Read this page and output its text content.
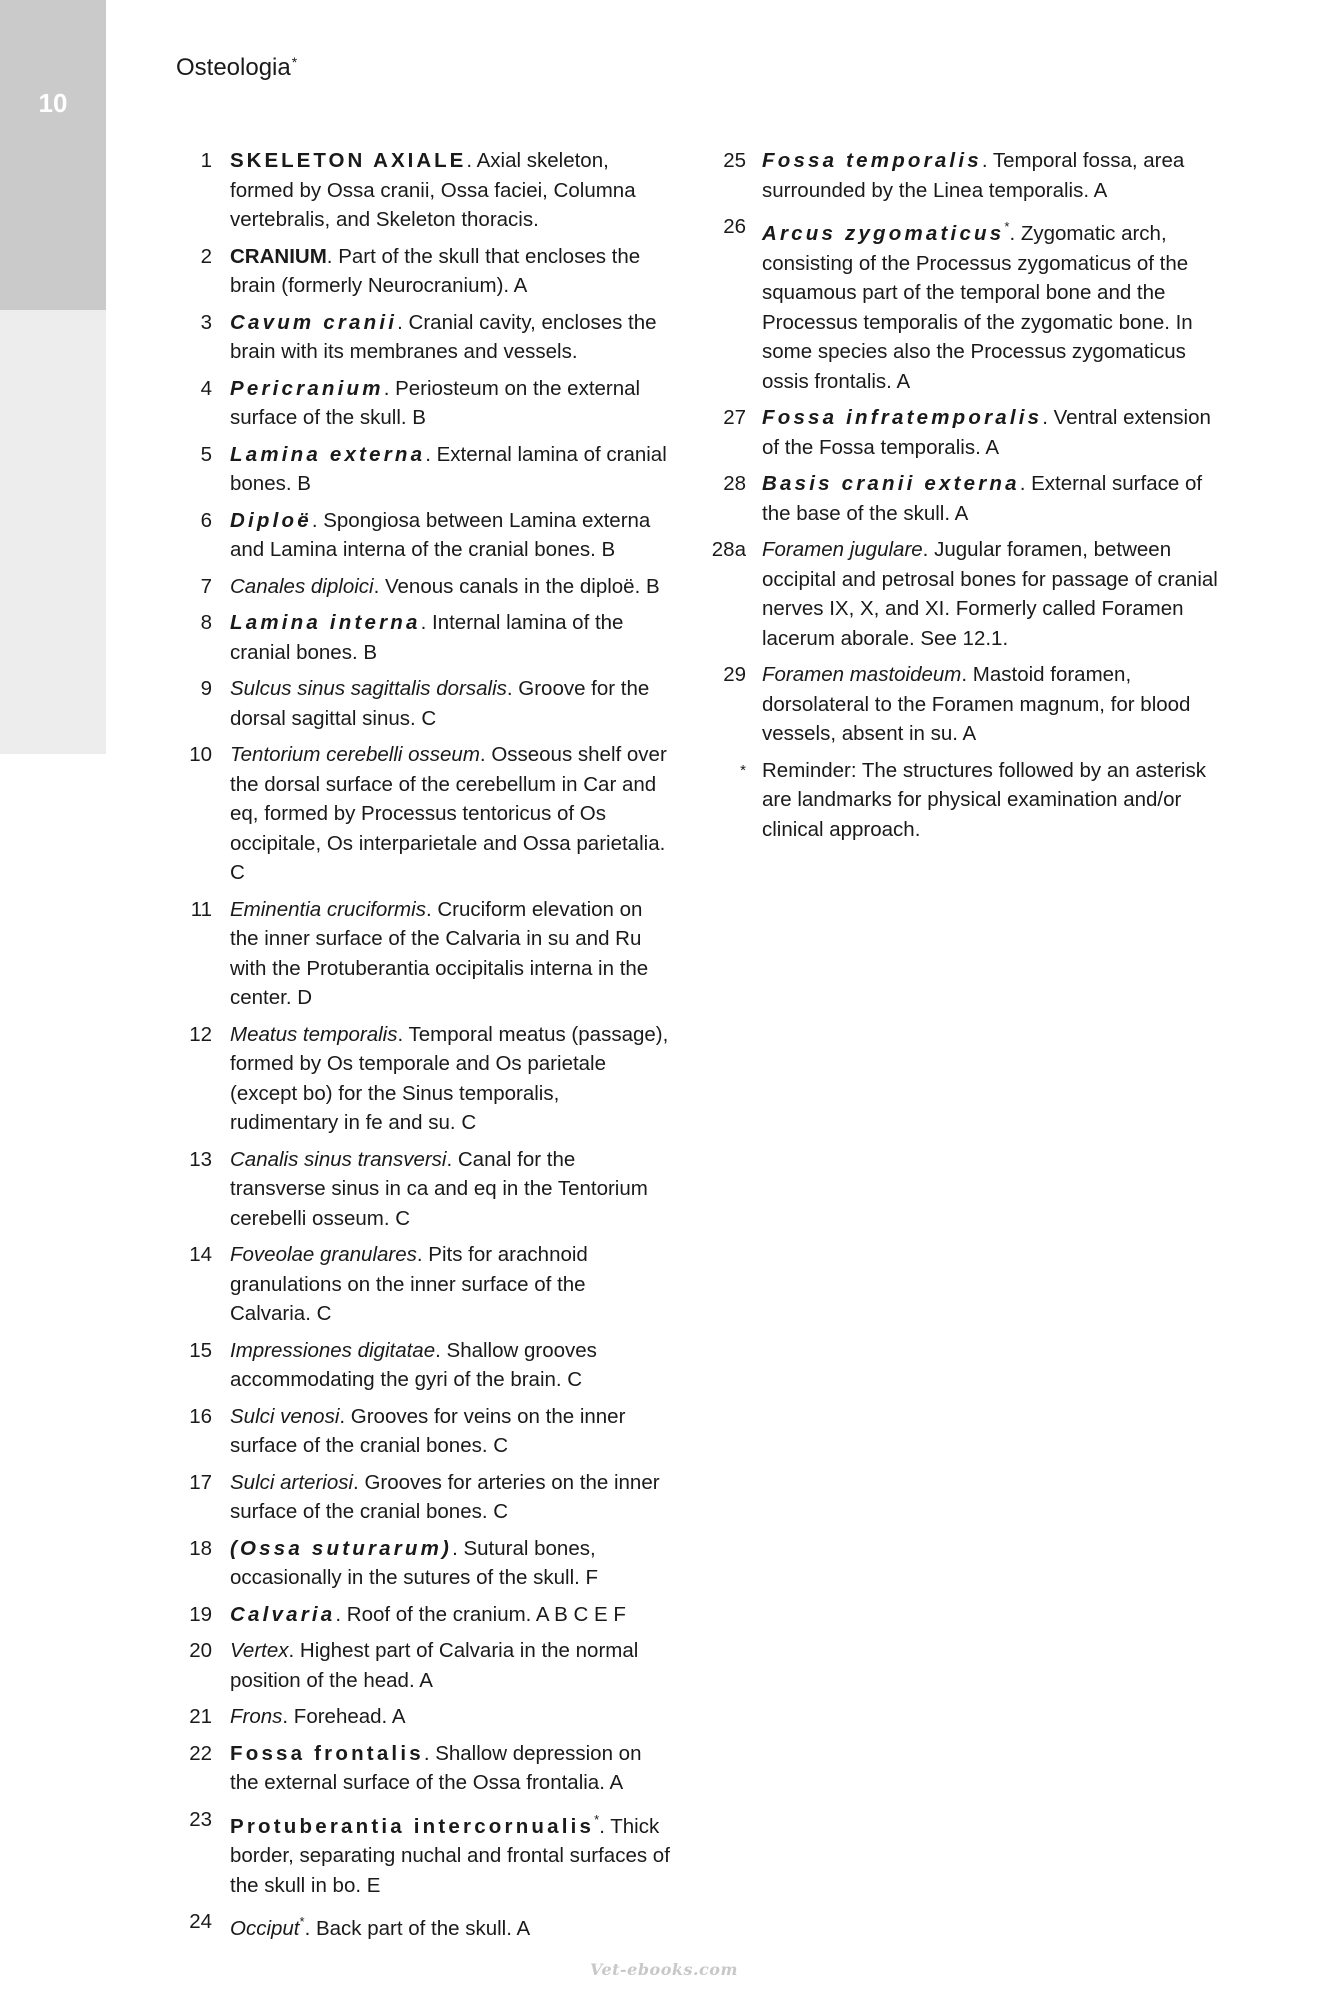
10
Osteologia*
1 SKELETON AXIALE. Axial skeleton, formed by Ossa cranii, Ossa faciei, Columna vertebralis, and Skeleton thoracis.
2 CRANIUM. Part of the skull that encloses the brain (formerly Neurocranium). A
3 Cavum cranii. Cranial cavity, encloses the brain with its membranes and vessels.
4 Pericranium. Periosteum on the external surface of the skull. B
5 Lamina externa. External lamina of cranial bones. B
6 Diploë. Spongiosa between Lamina externa and Lamina interna of the cranial bones. B
7 Canales diploici. Venous canals in the diploë. B
8 Lamina interna. Internal lamina of the cranial bones. B
9 Sulcus sinus sagittalis dorsalis. Groove for the dorsal sagittal sinus. C
10 Tentorium cerebelli osseum. Osseous shelf over the dorsal surface of the cerebellum in Car and eq, formed by Processus tentoricus of Os occipitale, Os interparietale and Ossa parietalia. C
11 Eminentia cruciformis. Cruciform elevation on the inner surface of the Calvaria in su and Ru with the Protuberantia occipitalis interna in the center. D
12 Meatus temporalis. Temporal meatus (passage), formed by Os temporale and Os parietale (except bo) for the Sinus temporalis, rudimentary in fe and su. C
13 Canalis sinus transversi. Canal for the transverse sinus in ca and eq in the Tentorium cerebelli osseum. C
14 Foveolae granulares. Pits for arachnoid granulations on the inner surface of the Calvaria. C
15 Impressiones digitatae. Shallow grooves accommodating the gyri of the brain. C
16 Sulci venosi. Grooves for veins on the inner surface of the cranial bones. C
17 Sulci arteriosi. Grooves for arteries on the inner surface of the cranial bones. C
18 (Ossa suturarum). Sutural bones, occasionally in the sutures of the skull. F
19 Calvaria. Roof of the cranium. A B C E F
20 Vertex. Highest part of Calvaria in the normal position of the head. A
21 Frons. Forehead. A
22 Fossa frontalis. Shallow depression on the external surface of the Ossa frontalia. A
23 Protuberantia intercornualis*. Thick border, separating nuchal and frontal surfaces of the skull in bo. E
24 Occiput*. Back part of the skull. A
25 Fossa temporalis. Temporal fossa, area surrounded by the Linea temporalis. A
26 Arcus zygomaticus*. Zygomatic arch, consisting of the Processus zygomaticus of the squamous part of the temporal bone and the Processus temporalis of the zygomatic bone. In some species also the Processus zygomaticus ossis frontalis. A
27 Fossa infratemporalis. Ventral extension of the Fossa temporalis. A
28 Basis cranii externa. External surface of the base of the skull. A
28a Foramen jugulare. Jugular foramen, between occipital and petrosal bones for passage of cranial nerves IX, X, and XI. Formerly called Foramen lacerum aborale. See 12.1.
29 Foramen mastoideum. Mastoid foramen, dorsolateral to the Foramen magnum, for blood vessels, absent in su. A
* Reminder: The structures followed by an asterisk are landmarks for physical examination and/or clinical approach.
Vet-ebooks.com
